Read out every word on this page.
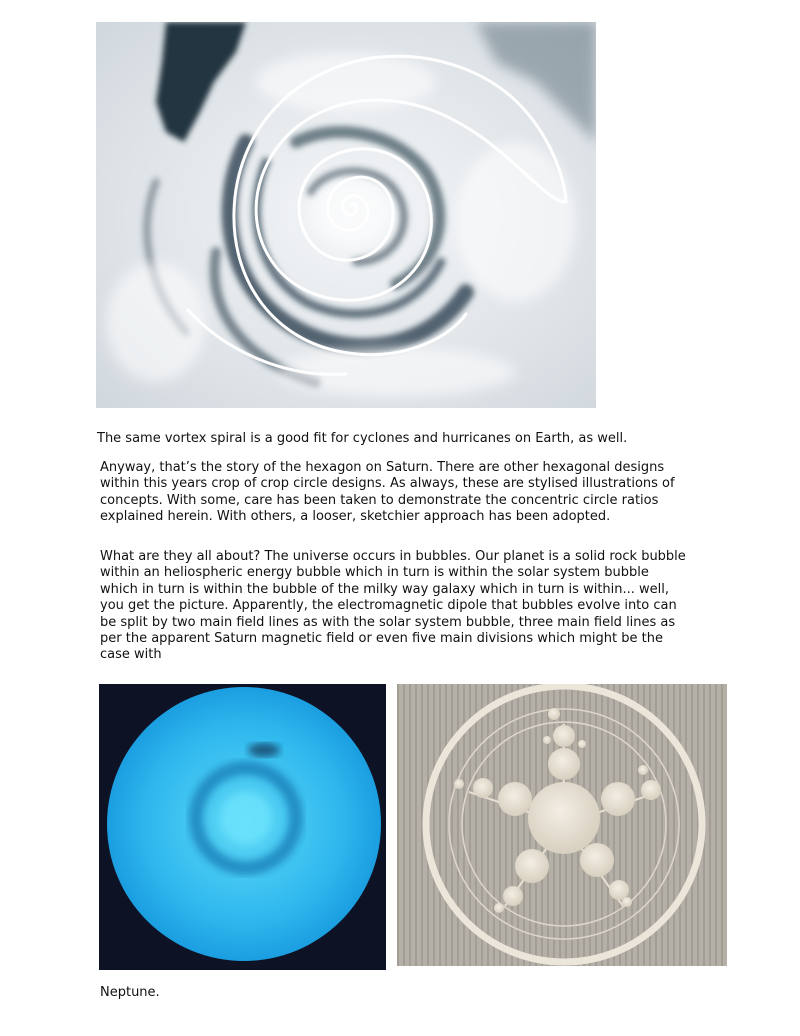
The same vortex spiral is a good fit for cyclones and hurricanes on Earth, as well.

Anyway, that’s the story of the hexagon on Saturn. There are other hexagonal designs within this years crop of crop circle designs. As always, these are stylised illustrations of concepts. With some, care has been taken to demonstrate the concentric circle ratios explained herein. With others, a looser, sketchier approach has been adopted.

What are they all about? The universe occurs in bubbles. Our planet is a solid rock bubble within an heliospheric energy bubble which in turn is within the solar system bubble which in turn is within the bubble of the milky way galaxy which in turn is within... well, you get the picture. Apparently, the electromagnetic dipole that bubbles evolve into can be split by two main field lines as with the solar system bubble, three main field lines as per the apparent Saturn magnetic field or even five main divisions which might be the case with

Neptune.
